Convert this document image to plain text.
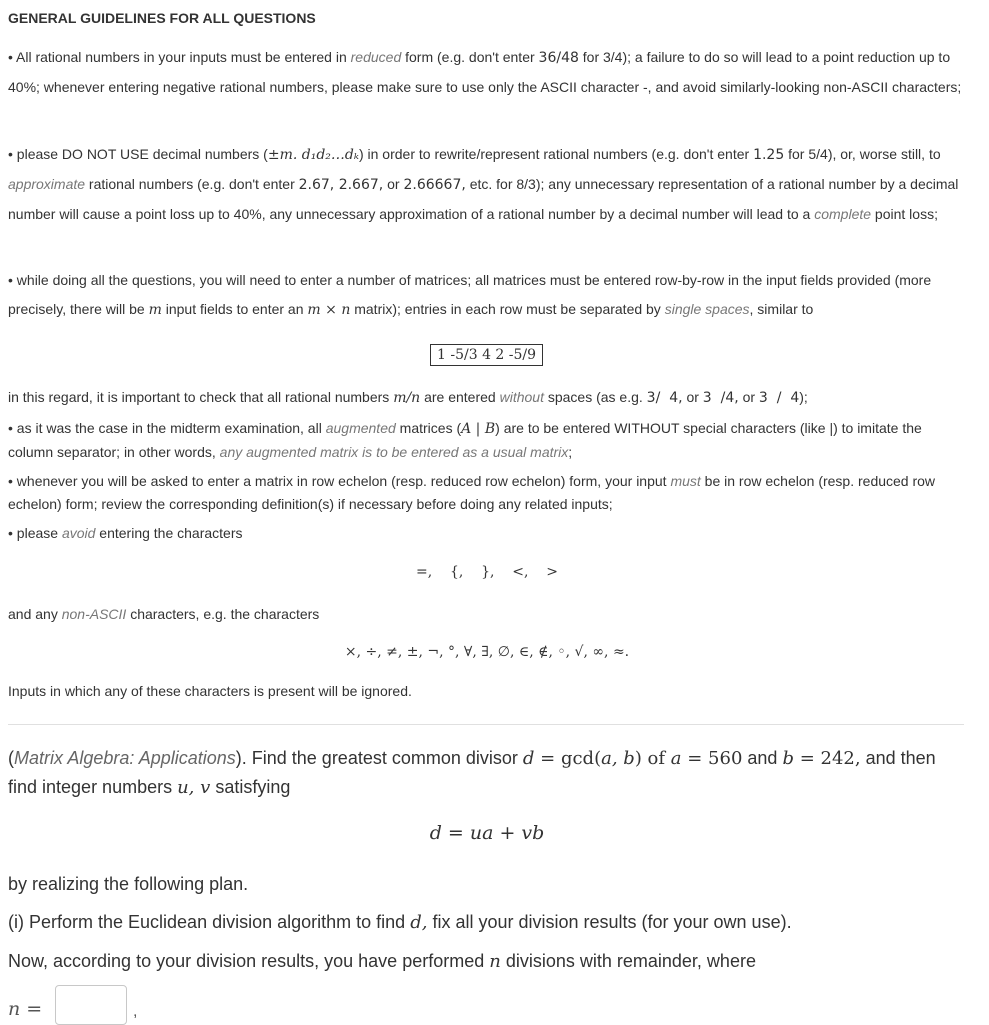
GENERAL GUIDELINES FOR ALL QUESTIONS
• All rational numbers in your inputs must be entered in reduced form (e.g. don't enter 36/48 for 3/4); a failure to do so will lead to a point reduction up to 40%; whenever entering negative rational numbers, please make sure to use only the ASCII character -, and avoid similarly-looking non-ASCII characters;
• please DO NOT USE decimal numbers (±m. d₁d₂…dₖ) in order to rewrite/represent rational numbers (e.g. don't enter 1.25 for 5/4), or, worse still, to approximate rational numbers (e.g. don't enter 2.67, 2.667, or 2.66667, etc. for 8/3); any unnecessary representation of a rational number by a decimal number will cause a point loss up to 40%, any unnecessary approximation of a rational number by a decimal number will lead to a complete point loss;
• while doing all the questions, you will need to enter a number of matrices; all matrices must be entered row-by-row in the input fields provided (more precisely, there will be m input fields to enter an m × n matrix); entries in each row must be separated by single spaces, similar to
1 -5/3 4 2 -5/9
in this regard, it is important to check that all rational numbers m/n are entered without spaces (as e.g. 3/  4, or 3  /4, or 3  /  4);
• as it was the case in the midterm examination, all augmented matrices (A | B) are to be entered WITHOUT special characters (like |) to imitate the column separator; in other words, any augmented matrix is to be entered as a usual matrix;
• whenever you will be asked to enter a matrix in row echelon (resp. reduced row echelon) form, your input must be in row echelon (resp. reduced row echelon) form; review the corresponding definition(s) if necessary before doing any related inputs;
• please avoid entering the characters
=,    {,    },    <,    >
and any non-ASCII characters, e.g. the characters
×, ÷, ≠, ±, ¬, °, ∀, ∃, ∅, ∈, ∉, ◦, √, ∞, ≈.
Inputs in which any of these characters is present will be ignored.
(Matrix Algebra: Applications). Find the greatest common divisor d = gcd(a, b) of a = 560 and b = 242, and then find integer numbers u, v satisfying
d = ua + vb
by realizing the following plan.
(i) Perform the Euclidean division algorithm to find d, fix all your division results (for your own use).
Now, according to your division results, you have performed n divisions with remainder, where
n =	,
